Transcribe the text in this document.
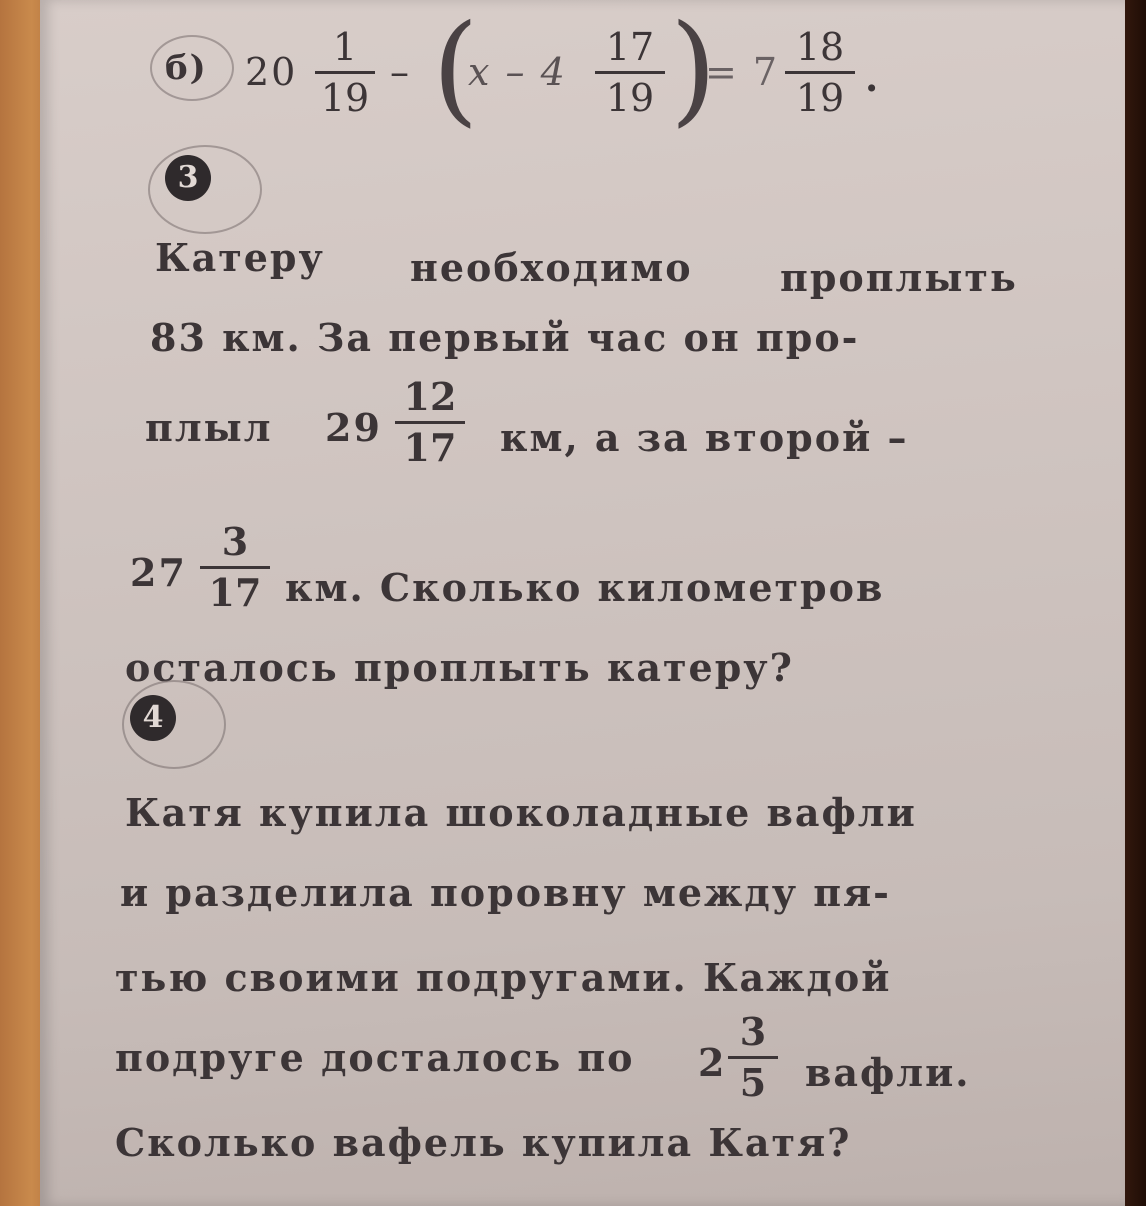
б) 20
1
19
– (
x – 4
17
19 )
= 7
18
19 .
3
Катеру необходимо проплыть
83 км. За первый час он про-
плыл 29
12
17 км, а за второй –
27
3
17 км. Сколько километров
осталось проплыть катеру?
4
Катя купила шоколадные вафли
и разделила поровну между пя-
тью своими подругами. Каждой
подруге досталось по 2
3
5	вафли.
Сколько вафель купила Катя?
